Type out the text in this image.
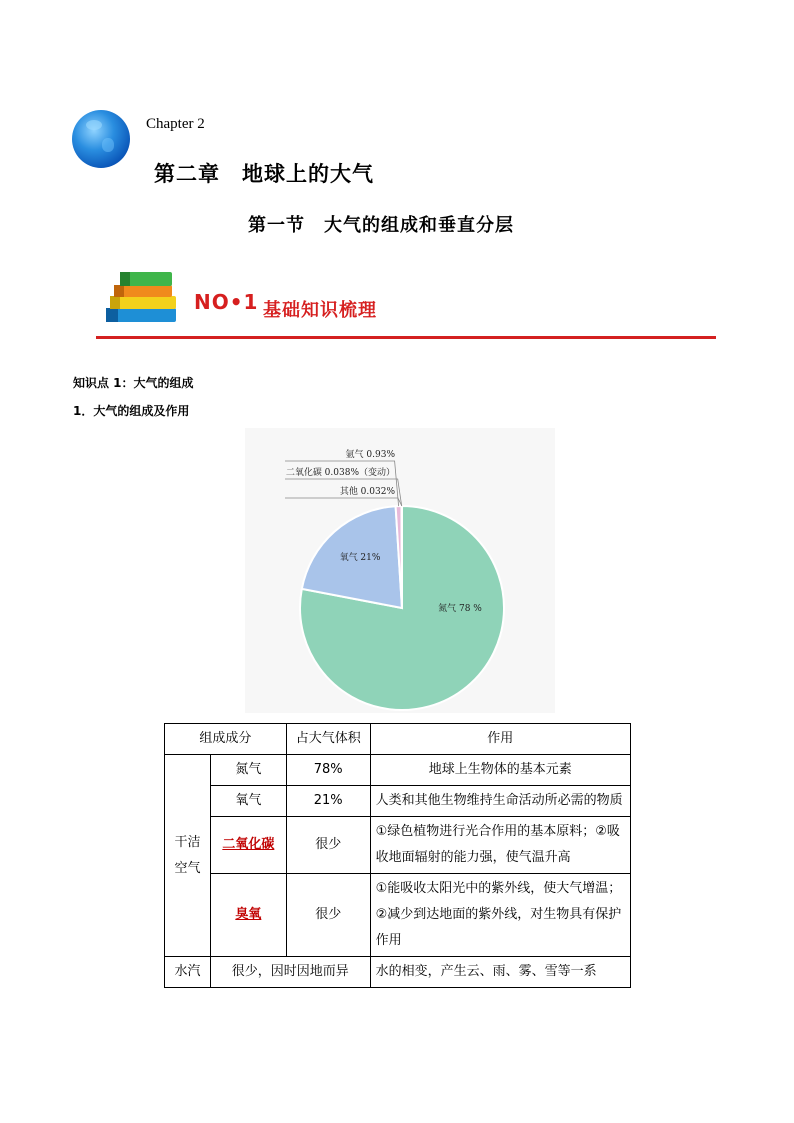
Chapter 2
第二章　地球上的大气
第一节　大气的组成和垂直分层
NO•1 基础知识梳理
知识点 1：大气的组成
1．大气的组成及作用
氮气 78 %
氧气 21%
氩气 0.93%
二氧化碳 0.038%（变动）
其他 0.032%
组成成分		占大气体积	作用
干洁
空气	氮气	78%	地球上生物体的基本元素
	氧气	21%	人类和其他生物维持生命活动所必需的物质
	二氧化碳	很少	①绿色植物进行光合作用的基本原料；②吸收地面辐射的能力强，使气温升高
	臭氧	很少	①能吸收太阳光中的紫外线，使大气增温；②减少到达地面的紫外线，对生物具有保护作用
水汽	很少，因时因地而异		水的相变，产生云、雨、雾、雪等一系
